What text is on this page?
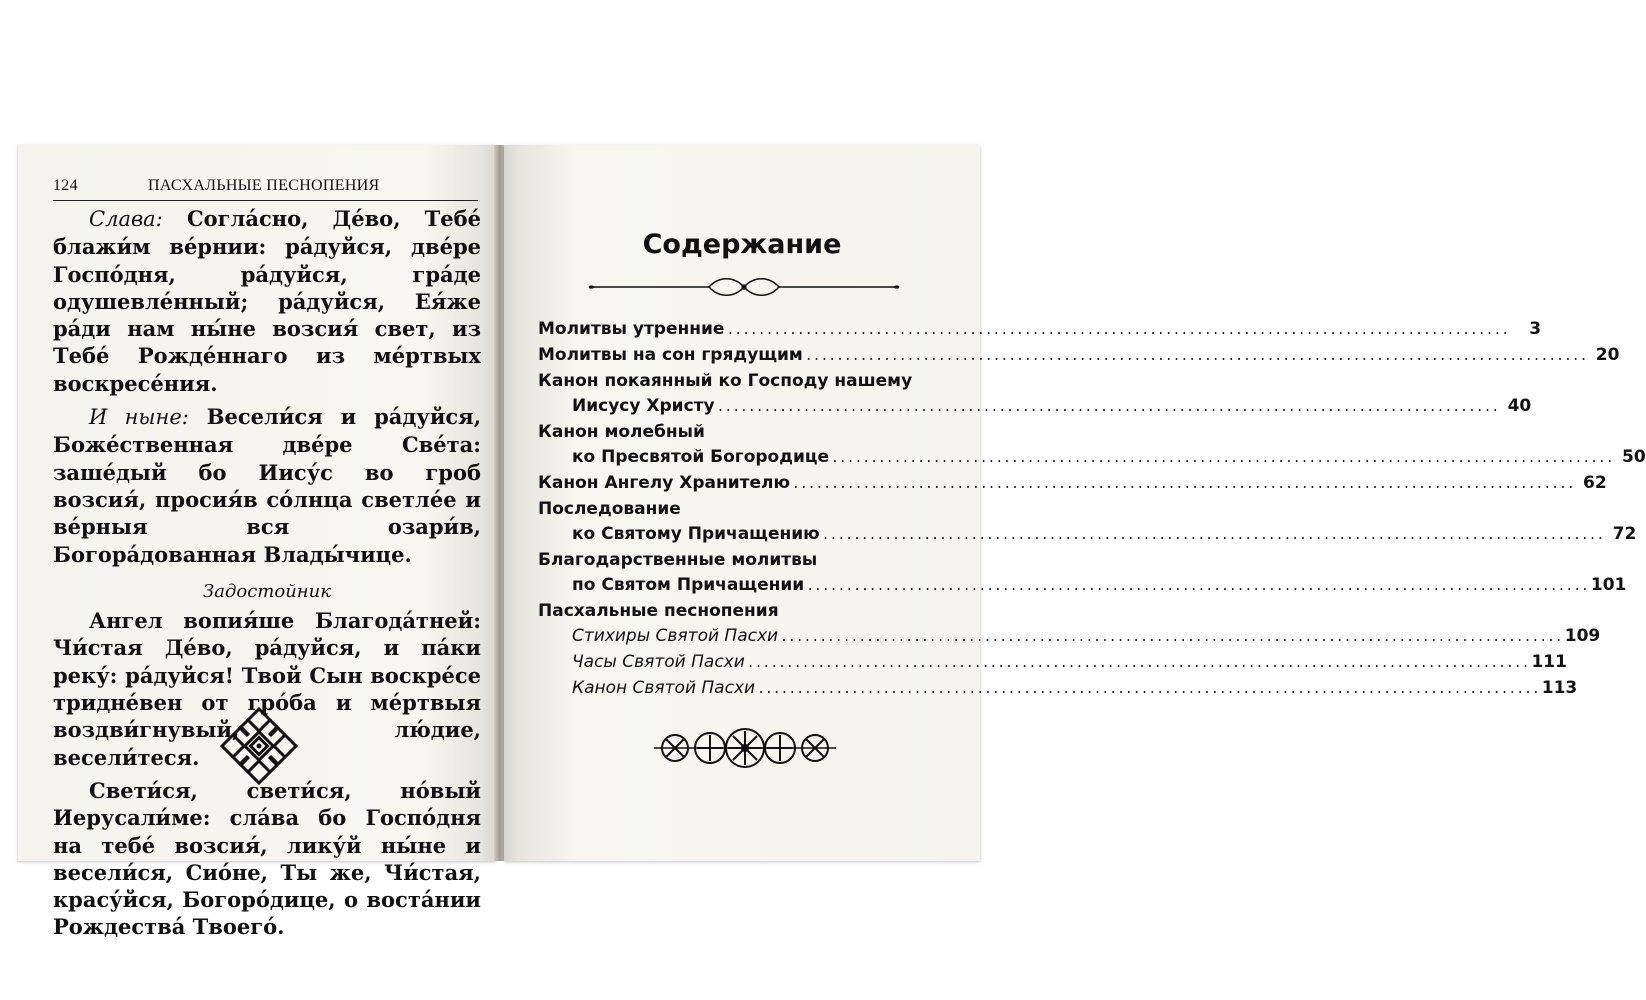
124	ПАСХАЛЬНЫЕ ПЕСНОПЕНИЯ

Слава: Согла́сно, Де́во, Тебе́ блажи́м ве́рнии: ра́дуйся, две́ре Госпо́дня, ра́дуйся, гра́де одушевле́нный; ра́дуйся, Ея́же ра́ди нам ны́не возсия́ свет, из Тебе́ Рожде́ннаго из ме́ртвых воскресе́ния.

И ныне: Весели́ся и ра́дуйся, Боже́ственная две́ре Све́та: заше́дый бо Иису́с во гроб возсия́, просия́в со́лнца светле́е и ве́рныя вся озари́в, Богора́дованная Влады́чице.

Задостойник

Ангел вопия́ше Благода́тней: Чи́стая Де́во, ра́дуйся, и па́ки реку́: ра́дуйся! Твой Сын воскре́се тридне́вен от гро́ба и ме́ртвыя воздви́гнувый, лю́дие, весели́теся.

Свети́ся, свети́ся, но́вый Иерусали́ме: сла́ва бо Госпо́дня на тебе́ возсия́, лику́й ны́не и весели́ся, Сио́не, Ты же, Чи́стая, красу́йся, Богоро́дице, о воста́нии Рождества́ Твоего́.

Содержание
Молитвы утренние .....	3
Молитвы на сон грядущим .....	20
Канон покаянный ко Господу нашему
Иисусу Христу .....	40
Канон молебный
ко Пресвятой Богородице .....	50
Канон Ангелу Хранителю .....	62
Последование
ко Святому Причащению .....	72
Благодарственные молитвы
по Святом Причащении .....	101
Пасхальные песнопения
Стихиры Святой Пасхи .....	109
Часы Святой Пасхи .....	111
Канон Святой Пасхи .....	113
